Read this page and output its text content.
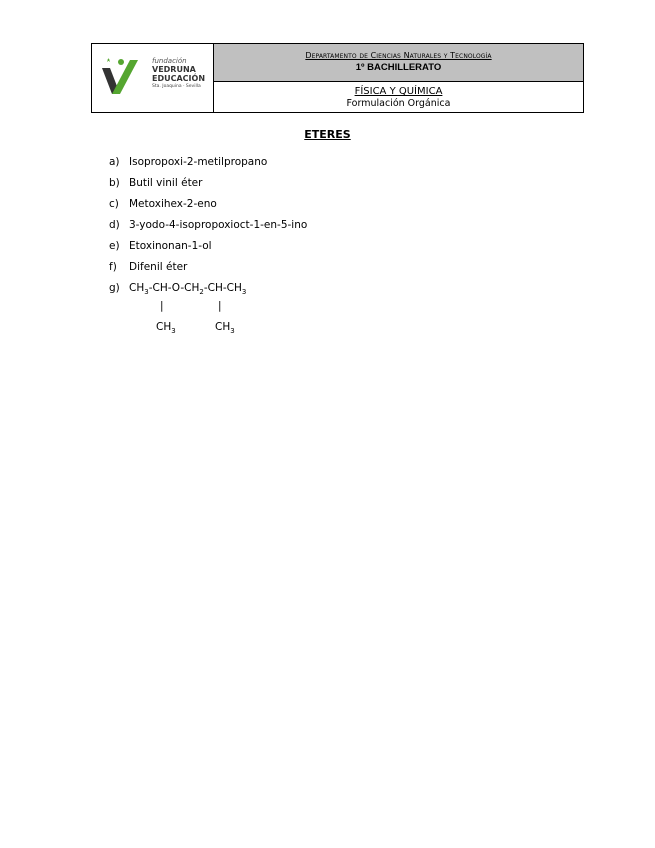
fundación
VEDRUNA
EDUCACIÓN
Sta. Joaquina · Sevilla
Departamento de Ciencias Naturales y Tecnología
1º BACHILLERATO
FÍSICA Y QUÍMICA
Formulación Orgánica
ETERES
a) Isopropoxi-2-metilpropano
b) Butil vinil éter
c) Metoxihex-2-eno
d) 3-yodo-4-isopropoxioct-1-en-5-ino
e) Etoxinonan-1-ol
f)	Difenil éter
g) $CH_3-CH-O-CH_2-CH-CH_3$
|	|
$CH_3$	$CH_3$
